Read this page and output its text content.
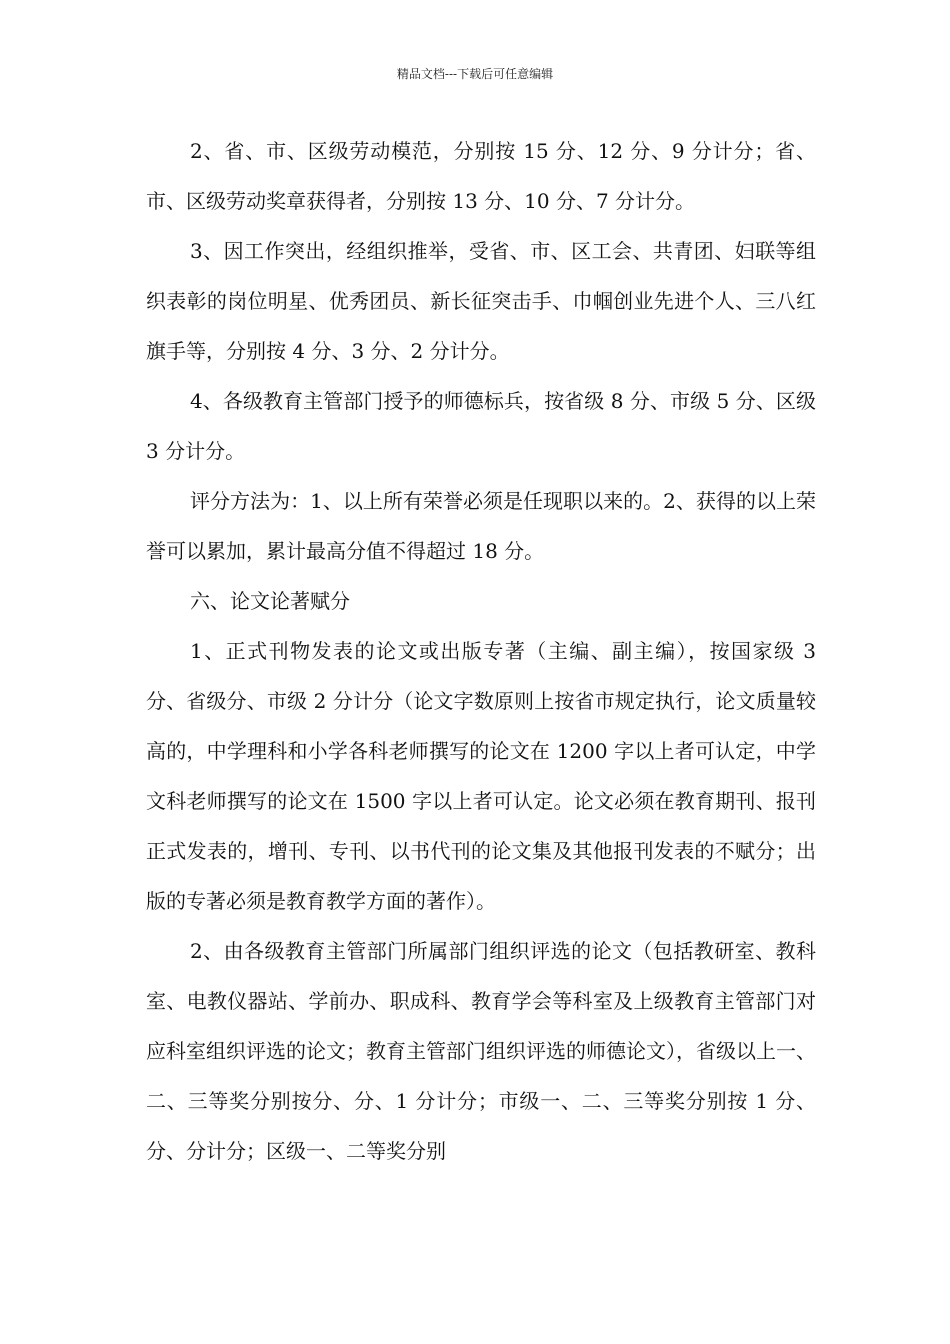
精品文档---下载后可任意编辑

2、省、市、区级劳动模范，分别按 15 分、12 分、9 分计分；省、市、区级劳动奖章获得者，分别按 13 分、10 分、7 分计分。

3、因工作突出，经组织推举，受省、市、区工会、共青团、妇联等组织表彰的岗位明星、优秀团员、新长征突击手、巾帼创业先进个人、三八红旗手等，分别按 4 分、3 分、2 分计分。

4、各级教育主管部门授予的师德标兵，按省级 8 分、市级 5 分、区级 3 分计分。

评分方法为：1、以上所有荣誉必须是任现职以来的。2、获得的以上荣誉可以累加，累计最高分值不得超过 18 分。

六、论文论著赋分

1、正式刊物发表的论文或出版专著（主编、副主编），按国家级 3 分、省级分、市级 2 分计分（论文字数原则上按省市规定执行，论文质量较高的，中学理科和小学各科老师撰写的论文在 1200 字以上者可认定，中学文科老师撰写的论文在 1500 字以上者可认定。论文必须在教育期刊、报刊正式发表的，增刊、专刊、以书代刊的论文集及其他报刊发表的不赋分；出版的专著必须是教育教学方面的著作）。

2、由各级教育主管部门所属部门组织评选的论文（包括教研室、教科室、电教仪器站、学前办、职成科、教育学会等科室及上级教育主管部门对应科室组织评选的论文；教育主管部门组织评选的师德论文），省级以上一、二、三等奖分别按分、分、1 分计分；市级一、二、三等奖分别按 1 分、分、分计分；区级一、二等奖分别
